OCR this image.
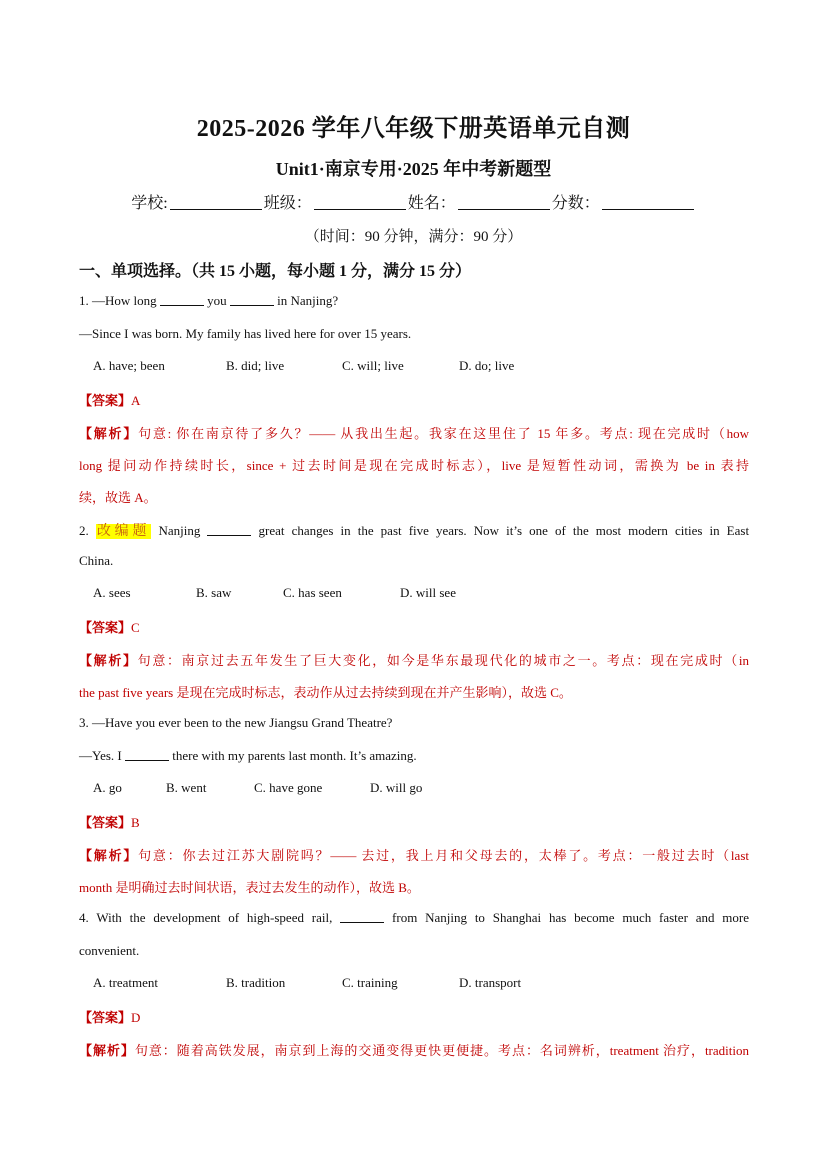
2025-2026 学年八年级下册英语单元自测
Unit1·南京专用·2025 年中考新题型
学校:	班级：	姓名：	分数：
（时间：90 分钟，满分：90 分）
一、单项选择。（共 15 小题，每小题 1 分，满分 15 分）
1. —How long	you	in Nanjing?
—Since I was born. My family has lived here for over 15 years.
A. have; been	B. did; live	C. will; live	D. do; live
【答案】A
【解析】句意: 你在南京待了多久？—— 从我出生起。我家在这里住了 15 年多。考点: 现在完成时（how
long 提问动作持续时长，since + 过去时间是现在完成时标志），live 是短暂性动词，需换为 be in 表持
续，故选 A。
2. 改编题 Nanjing	great changes in the past five years. Now it’s one of the most modern cities in East
China.
A. sees	B. saw	C. has seen	D. will see
【答案】C
【解析】句意：南京过去五年发生了巨大变化，如今是华东最现代化的城市之一。考点：现在完成时（in
the past five years 是现在完成时标志，表动作从过去持续到现在并产生影响），故选 C。
3. —Have you ever been to the new Jiangsu Grand Theatre?
—Yes. I	there with my parents last month. It’s amazing.
A. go	B. went	C. have gone	D. will go
【答案】B
【解析】句意：你去过江苏大剧院吗？—— 去过，我上月和父母去的，太棒了。考点：一般过去时（last
month 是明确过去时间状语，表过去发生的动作），故选 B。
4. With the development of high-speed rail,	from Nanjing to Shanghai has become much faster and more
convenient.
A. treatment	B. tradition	C. training	D. transport
【答案】D
【解析】句意：随着高铁发展，南京到上海的交通变得更快更便捷。考点：名词辨析，treatment 治疗，tradition
